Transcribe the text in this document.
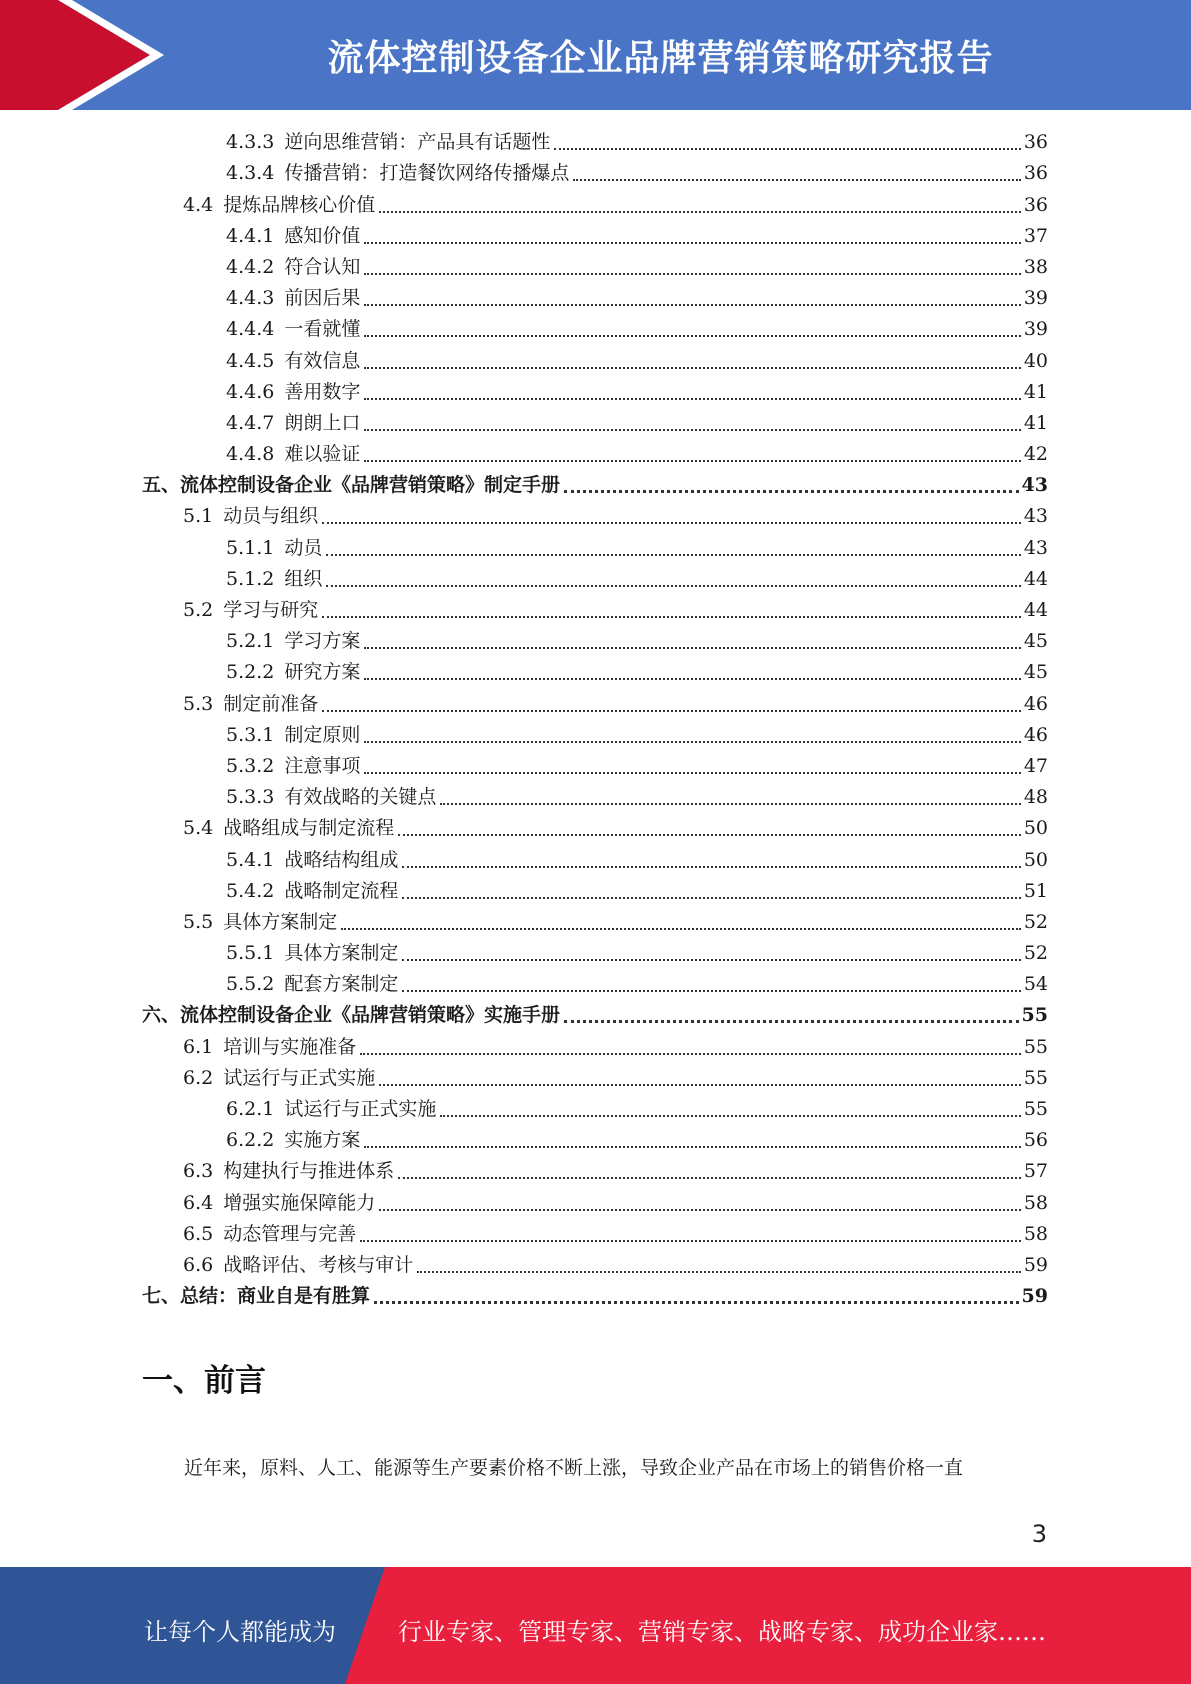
流体控制设备企业品牌营销策略研究报告
4.3.3 逆向思维营销：产品具有话题性	36
4.3.4 传播营销：打造餐饮网络传播爆点	36
4.4 提炼品牌核心价值	36
4.4.1 感知价值	37
4.4.2 符合认知	38
4.4.3 前因后果	39
4.4.4 一看就懂	39
4.4.5 有效信息	40
4.4.6 善用数字	41
4.4.7 朗朗上口	41
4.4.8 难以验证	42
五、流体控制设备企业《品牌营销策略》制定手册	43
5.1 动员与组织	43
5.1.1 动员	43
5.1.2 组织	44
5.2 学习与研究	44
5.2.1 学习方案	45
5.2.2 研究方案	45
5.3 制定前准备	46
5.3.1 制定原则	46
5.3.2 注意事项	47
5.3.3 有效战略的关键点	48
5.4 战略组成与制定流程	50
5.4.1 战略结构组成	50
5.4.2 战略制定流程	51
5.5 具体方案制定	52
5.5.1 具体方案制定	52
5.5.2 配套方案制定	54
六、流体控制设备企业《品牌营销策略》实施手册	55
6.1 培训与实施准备	55
6.2 试运行与正式实施	55
6.2.1 试运行与正式实施	55
6.2.2 实施方案	56
6.3 构建执行与推进体系	57
6.4 增强实施保障能力	58
6.5 动态管理与完善	58
6.6 战略评估、考核与审计	59
七、总结：商业自是有胜算	59
一、前言
近年来，原料、人工、能源等生产要素价格不断上涨，导致企业产品在市场上的销售价格一直
3
让每个人都能成为	行业专家、管理专家、营销专家、战略专家、成功企业家……
